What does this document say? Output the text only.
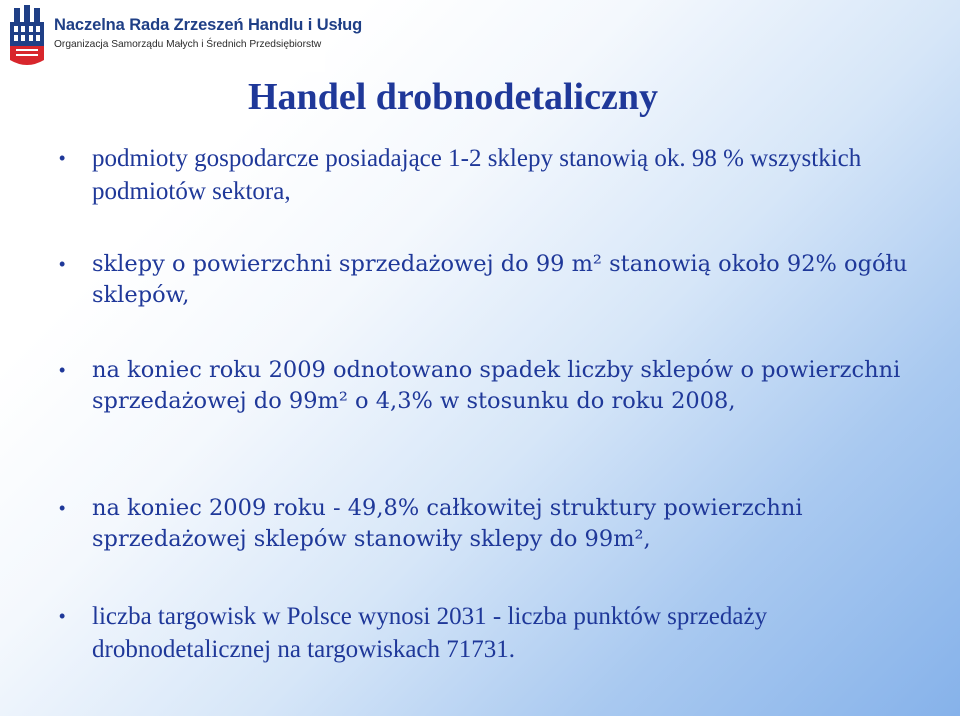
Naczelna Rada Zrzeszeń Handlu i Usług
Organizacja Samorządu Małych i Średnich Przedsiębiorstw
Handel drobnodetaliczny
• podmioty gospodarcze posiadające 1-2 sklepy stanowią ok. 98 % wszystkich podmiotów sektora,
• sklepy o powierzchni sprzedażowej do 99 m² stanowią około 92% ogółu sklepów,
• na koniec roku 2009 odnotowano spadek liczby sklepów o powierzchni sprzedażowej do 99m² o 4,3% w stosunku do roku 2008,
• na koniec 2009 roku - 49,8% całkowitej struktury powierzchni sprzedażowej sklepów stanowiły sklepy do 99m²,
• liczba targowisk w Polsce wynosi 2031 - liczba punktów sprzedaży drobnodetalicznej na targowiskach 71731.
